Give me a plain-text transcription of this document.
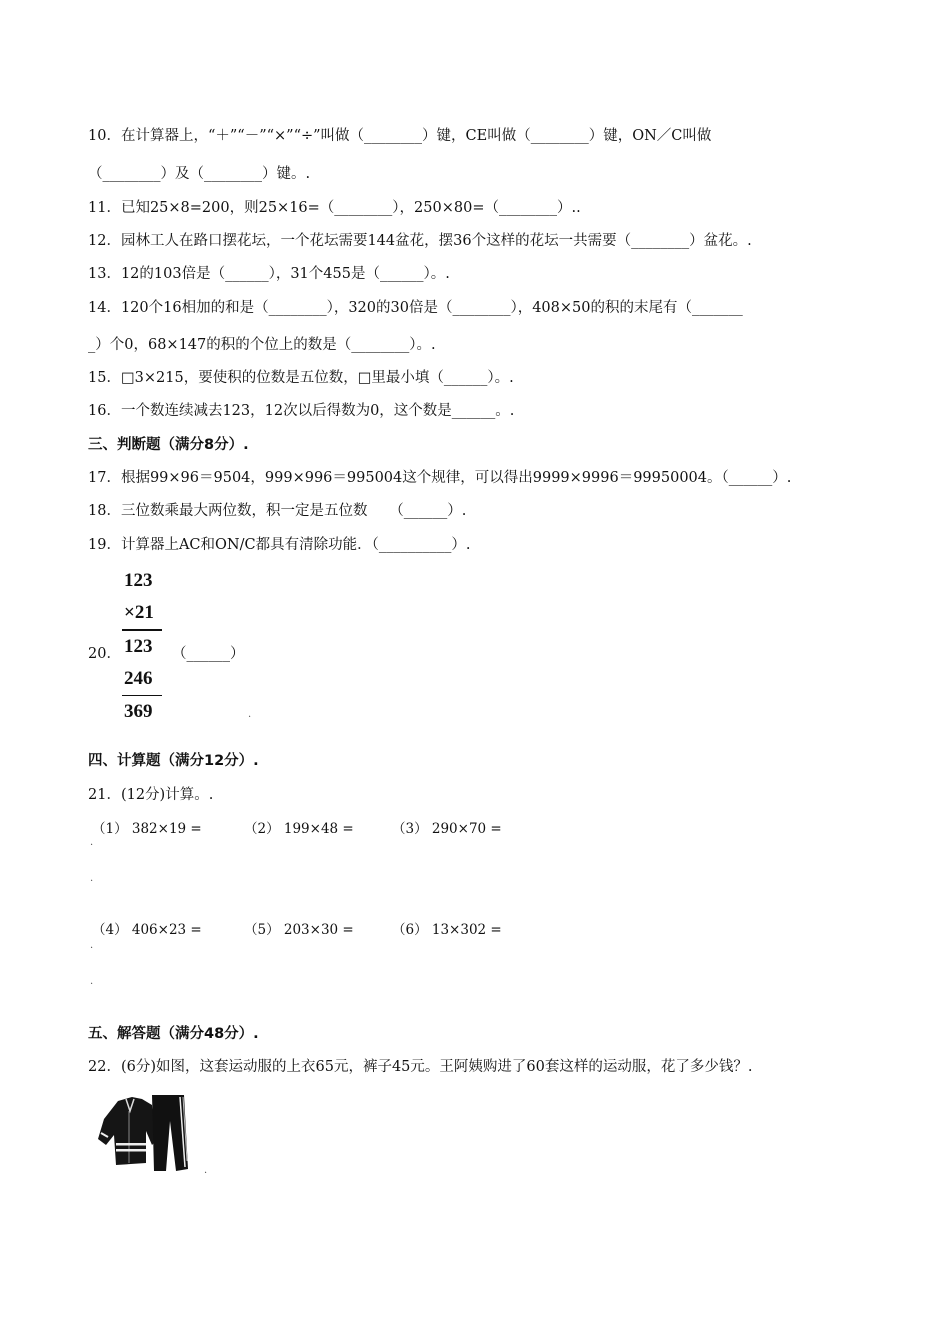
10．在计算器上，“＋”“－”“×”“÷”叫做（________）键，CE叫做（________）键，ON／C叫做
（________）及（________）键。.
11．已知25×8=200，则25×16=（________），250×80=（________）..
12．园林工人在路口摆花坛，一个花坛需要144盆花，摆36个这样的花坛一共需要（________）盆花。.
13．12的103倍是（______），31个455是（______）。.
14．120个16相加的和是（________），320的30倍是（________），408×50的积的末尾有（_______
_）个0，68×147的积的个位上的数是（________）。.
15．□3×215，要使积的位数是五位数，□里最小填（______）。.
16．一个数连续减去123，12次以后得数为0，这个数是______。.
三、判断题（满分8分）.
17．根据99×96＝9504，999×996＝995004这个规律，可以得出9999×9996＝99950004。（______）.
18．三位数乘最大两位数，积一定是五位数　　（______）.
19．计算器上AC和ON/C都具有清除功能．（__________）.
20．
123
×21
123
246
369
（______）
.
四、计算题（满分12分）.
21．(12分)计算。.
（1） 382×19 =	（2） 199×48 =	（3） 290×70 =
·
.
（4） 406×23 =	（5） 203×30 =	（6） 13×302 =
·
.
五、解答题（满分48分）.
22．(6分)如图，这套运动服的上衣65元，裤子45元。王阿姨购进了60套这样的运动服，花了多少钱？.
·
